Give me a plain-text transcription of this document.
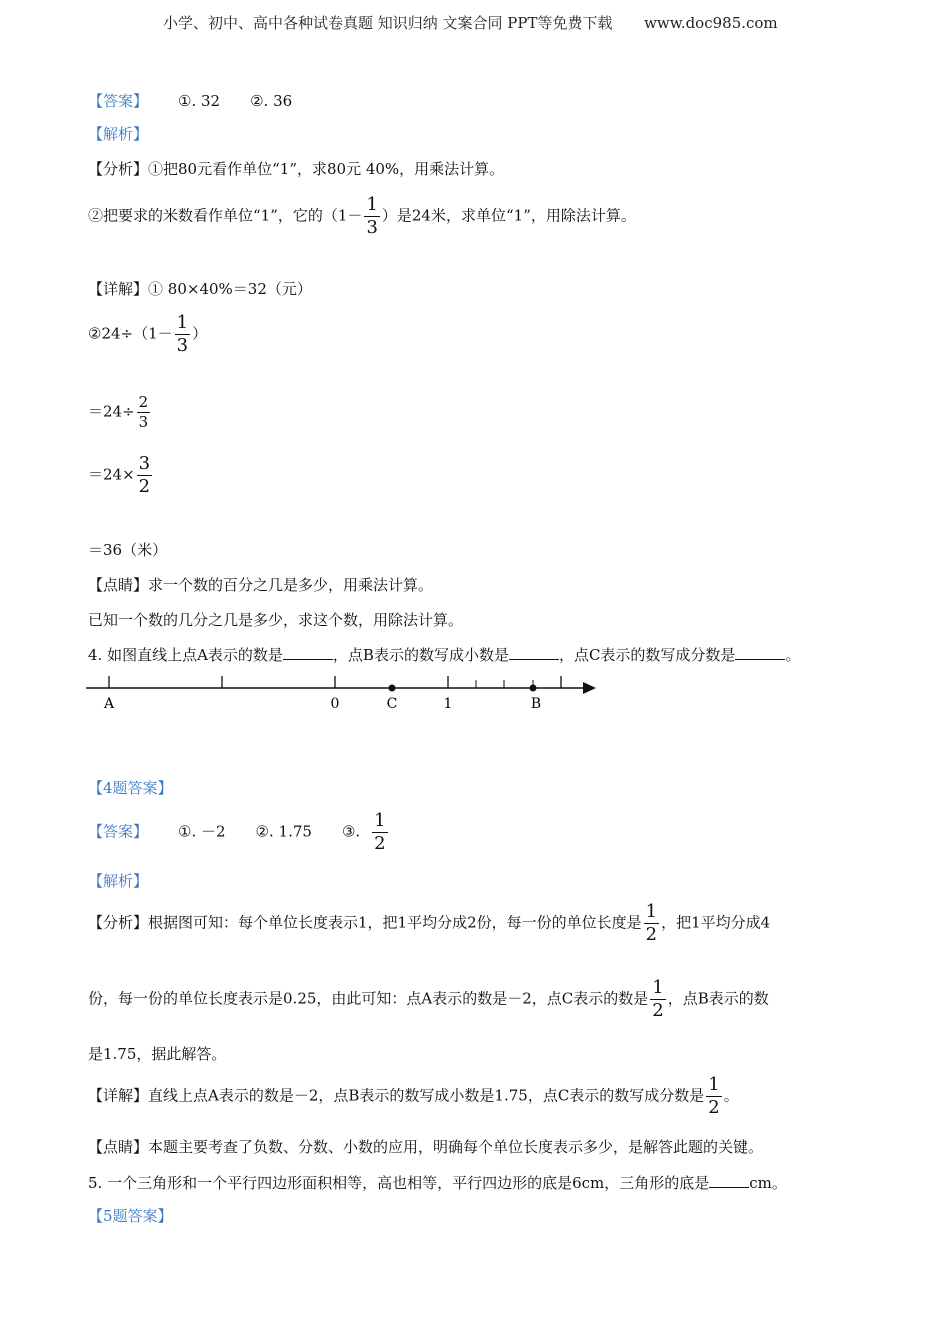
小学、初中、高中各种试卷真题 知识归纳 文案合同 PPT等免费下载 www.doc985.com
【答案】 ①. 32 ②. 36
【解析】
【分析】①把80元看作单位“1”，求80元 40%，用乘法计算。
②把要求的米数看作单位“1”，它的（$1- \frac{1}{3}$ ）是24米，求单位“1”，用除法计算。
【详解】① 80×40%＝32（元）
②24÷（1－ $\frac{1}{3}$ ）
$=24\div \frac{2}{3}$
$=24\times \frac{3}{2}$
＝36（米）
【点睛】求一个数的百分之几是多少，用乘法计算。
已知一个数的几分之几是多少，求这个数，用除法计算。
4. 如图直线上点A表示的数是	，点B表示的数写成小数是	，点C表示的数写成分数是	。
A	0	C	1	B
【4题答案】
【答案】 ①. －2 ②. 1.75 ③. $\frac{1}{2}$
【解析】
【分析】根据图可知：每个单位长度表示1，把1平均分成2份，每一份的单位长度是 $\frac{1}{2}$ ，把1平均分成4
份，每一份的单位长度表示是0.25，由此可知：点A表示的数是－2，点C表示的数是 $\frac{1}{2}$ ，点B表示的数
是1.75，据此解答。
【详解】直线上点A表示的数是－2，点B表示的数写成小数是1.75，点C表示的数写成分数是 $\frac{1}{2}$ 。
【点睛】本题主要考查了负数、分数、小数的应用，明确每个单位长度表示多少，是解答此题的关键。
5. 一个三角形和一个平行四边形面积相等，高也相等，平行四边形的底是6cm，三角形的底是	cm。
【5题答案】
